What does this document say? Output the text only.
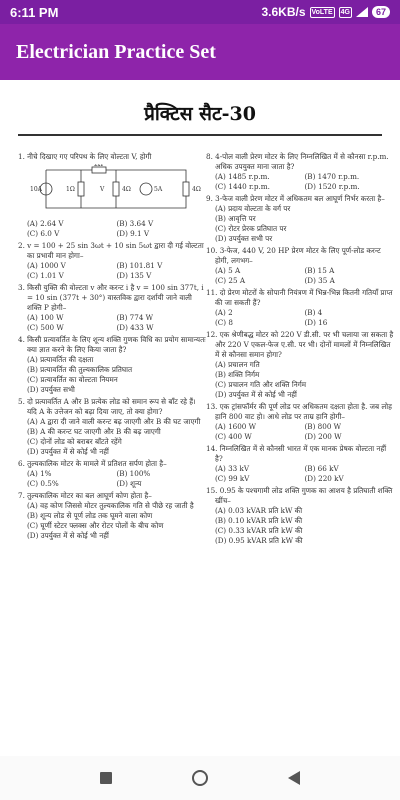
6:11 PM	3.6KB/s VoLTE 4G	67
Electrician Practice Set
प्रैक्टिस सैट-30
1. नीचे दिखाए गए परिपथ के लिए वोल्टता V, होगी
10A	1Ω
2Ω
4Ω	5A	4Ω
V
(A) 2.64 V	(B) 3.64 V
(C) 6.0 V	(D) 9.1 V
2. v = 100 + 25 sin 3ωt + 10 sin 5ωt द्वारा दी गई वोल्टता का प्रभावी मान होगा–
(A) 1000 V	(B) 101.81 V
(C) 1.01 V	(D) 135 V
3. किसी युक्ति की वोल्टता v और करन्ट i है v = 100 sin 377t, i = 10 sin (377t + 30°) वास्तविक द्वारा दर्शायी जाने वाली शक्ति P होगी–
(A) 100 W	(B) 774 W
(C) 500 W	(D) 433 W
4. किसी प्रत्यावर्तित के लिए शून्य शक्ति गुणक विधि का प्रयोग सामान्यतः क्या ज्ञात करने के लिए किया जाता है?
(A) प्रत्यावर्तित की दक्षता
(B) प्रत्यावर्तित की तुल्यकालिक प्रतिघात
(C) प्रत्यावर्तित का वोल्टता नियमन
(D) उपर्युक्त सभी
5. दो प्रत्यावर्तित A और B प्रत्येक लोड को समान रूप से बाँट रहे हैं। यदि A के उत्तेजन को बढ़ा दिया जाए, तो क्या होगा?
(A) A द्वारा दी जाने वाली करन्ट बढ़ जाएगी और B की घट जाएगी
(B) A की करन्ट घट जाएगी और B की बढ़ जाएगी
(C) दोनों लोड को बराबर बाँटते रहेंगे
(D) उपर्युक्त में से कोई भी नहीं
6. तुल्यकालिक मोटर के मामले में प्रतिशत सर्पण होता है–
(A) 1%	(B) 100%
(C) 0.5%	(D) शून्य
7. तुल्यकालिक मोटर का बल आघूर्ण कोण होता है–
(A) वह कोण जिससे मोटर तुल्यकालिक गति से पीछे रह जाती है
(B) शून्य लोड से पूर्ण लोड तक घूमने वाला कोण
(C) घूर्णी स्टेटर फ्लक्स और रोटर पोलों के बीच कोण
(D) उपर्युक्त में से कोई भी नहीं
8. 4-पोल वाली प्रेरण मोटर के लिए निम्नलिखित में से कौनसा r.p.m. अधिक उपयुक्त माना जाता है?
(A) 1485 r.p.m.	(B) 1470 r.p.m.
(C) 1440 r.p.m.	(D) 1520 r.p.m.
9. 3-फेज वाली प्रेरण मोटर में अधिकतम बल आघूर्ण निर्भर करता है–
(A) प्रदाय वोल्टता के वर्ग पर
(B) आवृत्ति पर
(C) रोटर प्रेरक प्रतिघात पर
(D) उपर्युक्त सभी पर
10. 3-फेज, 440 V, 20 HP प्रेरण मोटर के लिए पूर्ण-लोड करन्ट होगी, लगभग–
(A) 5 A	(B) 15 A
(C) 25 A	(D) 35 A
11. दो प्रेरण मोटरों के सोपानी नियंत्रण में भिन्न-भिन्न कितनी गतियाँ प्राप्त की जा सकती हैं?
(A) 2	(B) 4
(C) 8	(D) 16
12. एक श्रेणीबद्ध मोटर को 220 V डी.सी. पर भी चलाया जा सकता है और 220 V एकल-फेज ए.सी. पर भी। दोनों मामलों में निम्नलिखित में से कौनसा समान होगा?
(A) प्रचालन गति
(B) शक्ति निर्गम
(C) प्रचालन गति और शक्ति निर्गम
(D) उपर्युक्त में से कोई भी नहीं
13. एक ट्रांसफॉर्मर की पूर्ण लोड पर अधिकतम दक्षता होता है. जब लोह हानि 800 वाट हो। आधे लोड पर ताम्र हानि होगी–
(A) 1600 W	(B) 800 W
(C) 400 W	(D) 200 W
14. निम्नलिखित में से कौनसी भारत में एक मानक प्रेषक वोल्टता नहीं है?
(A) 33 kV	(B) 66 kV
(C) 99 kV	(D) 220 kV
15. 0.95 के पश्चगामी लोड शक्ति गुणक का आशय है प्रतिघाती शक्ति खींच–
(A) 0.03 kVAR प्रति kW की
(B) 0.10 kVAR प्रति kW की
(C) 0.33 kVAR प्रति kW की
(D) 0.95 kVAR प्रति kW की
